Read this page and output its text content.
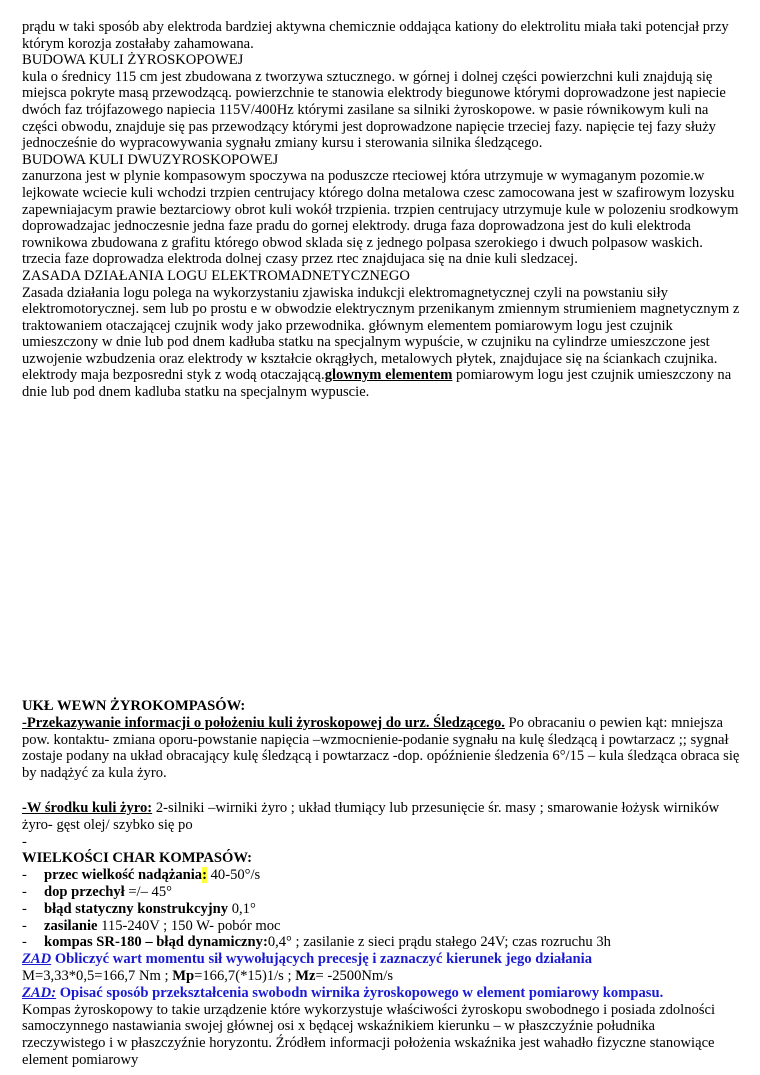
prądu w taki sposób aby elektroda bardziej aktywna chemicznie oddająca kationy do elektrolitu miała taki potencjał przy którym korozja zostałaby zahamowana.

BUDOWA KULI ŻYROSKOPOWEJ

kula o średnicy 115 cm jest zbudowana z tworzywa sztucznego. w górnej i dolnej części powierzchni kuli znajdują się miejsca pokryte masą przewodzącą. powierzchnie te stanowia elektrody biegunowe którymi doprowadzone jest napiecie dwóch faz trójfazowego napiecia 115V/400Hz którymi zasilane sa silniki żyroskopowe. w pasie równikowym kuli na części obwodu, znajduje się pas przewodzący którymi jest doprowadzone napięcie trzeciej fazy. napięcie tej fazy służy jednocześnie do wypracowywania sygnału zmiany kursu i sterowania silnika śledzącego.

BUDOWA KULI DWUZYROSKOPOWEJ

zanurzona jest w plynie kompasowym spoczywa na poduszcze rteciowej która utrzymuje w wymaganym pozomie.w lejkowate wciecie kuli wchodzi trzpien centrujacy którego dolna metalowa czesc zamocowana jest w szafirowym lozysku zapewniajacym prawie beztarciowy obrot kuli wokół trzpienia. trzpien centrujacy utrzymuje kule w polozeniu srodkowym doprowadzajac jednoczesnie jedna faze pradu do gornej elektrody. druga faza doprowadzona jest do kuli elektroda rownikowa zbudowana z grafitu którego obwod sklada się z jednego polpasa szerokiego i dwuch polpasow waskich. trzecia faze doprowadza elektroda dolnej czasy przez rtec znajdujaca się na dnie kuli sledzacej.

ZASADA DZIAŁANIA LOGU ELEKTROMADNETYCZNEGO

Zasada działania logu polega na wykorzystaniu zjawiska indukcji elektromagnetycznej czyli na powstaniu siły elektromotorycznej. sem lub po prostu e w obwodzie elektrycznym przenikanym zmiennym strumieniem magnetycznym z traktowaniem otaczającej czujnik wody jako przewodnika. głównym elementem pomiarowym logu jest czujnik umieszczony w dnie lub pod dnem kadłuba statku na specjalnym wypuście, w czujniku na cylindrze umieszczone jest uzwojenie wzbudzenia oraz elektrody w kształcie okrągłych, metalowych płytek, znajdujace się na ściankach czujnika. elektrody maja bezposredni styk z wodą otaczającą.glownym elementem pomiarowym logu jest czujnik umieszczony na dnie lub pod dnem kadluba statku na specjalnym wypuscie.

UKŁ WEWN ŻYROKOMPASÓW:

-Przekazywanie informacji o położeniu kuli żyroskopowej do urz. Śledzącego. Po obracaniu o pewien kąt: mniejsza pow. kontaktu- zmiana oporu-powstanie napięcia –wzmocnienie-podanie sygnału na kulę śledzącą i powtarzacz ;; sygnał zostaje podany na układ obracający kulę śledzącą i powtarzacz -dop. opóźnienie śledzenia 6°/15 – kula śledząca obraca się by nadążyć za kula żyro.

-W środku kuli żyro: 2-silniki –wirniki żyro ; układ tłumiący lub przesunięcie śr. masy ; smarowanie łożysk wirników żyro- gęst olej/ szybko się po

-

WIELKOŚCI CHAR KOMPASÓW:

-	przec wielkość nadążania: 40-50°/s
-	dop przechył =/– 45°
-	błąd statyczny konstrukcyjny 0,1°
-	zasilanie 115-240V ; 150 W- pobór moc
-	kompas SR-180 – błąd dynamiczny:0,4° ; zasilanie z sieci prądu stałego 24V; czas rozruchu 3h

ZAD Obliczyć wart momentu sił wywołujących precesję i zaznaczyć kierunek jego działania

M=3,33*0,5=166,7 Nm ; Mp=166,7(*15)1/s ; Mz= -2500Nm/s

ZAD: Opisać sposób przekształcenia swobodn wirnika żyroskopowego w element pomiarowy kompasu.

Kompas żyroskopowy to takie urządzenie które wykorzystuje właściwości żyroskopu swobodnego i posiada zdolności samoczynnego nastawiania swojej głównej osi x będącej wskaźnikiem kierunku – w płaszczyźnie południka rzeczywistego i w płaszczyźnie horyzontu. Źródłem informacji położenia wskaźnika jest wahadło fizyczne stanowiące element pomiarowy
